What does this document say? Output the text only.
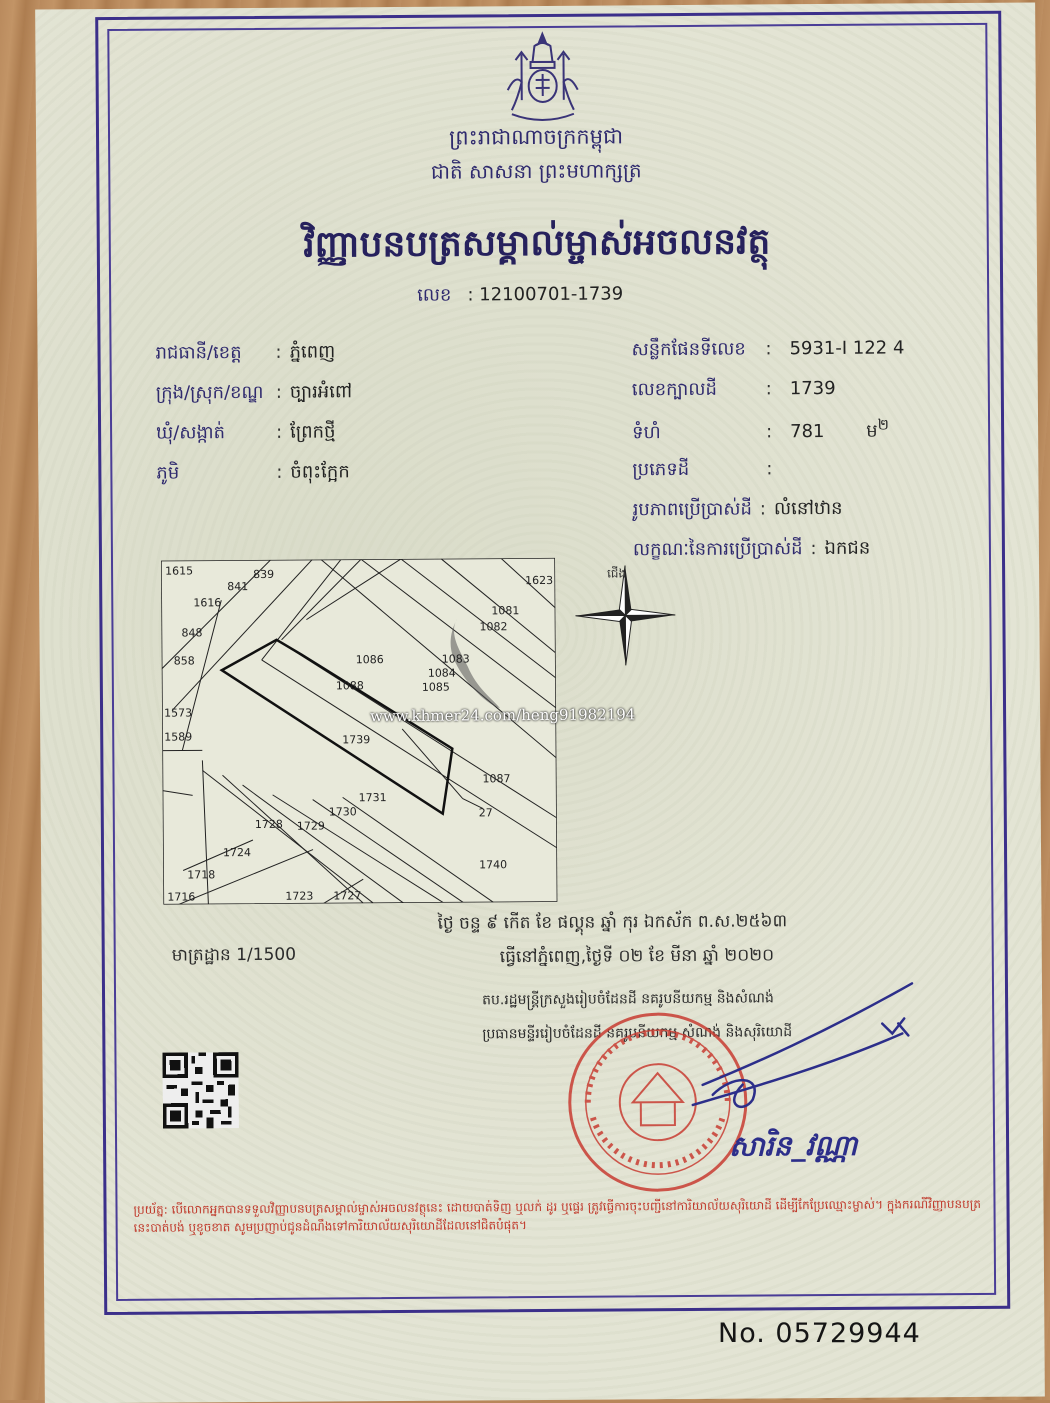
ព្រះរាជាណាចក្រកម្ពុជា
ជាតិ សាសនា ព្រះមហាក្សត្រ
វិញ្ញាបនបត្រសម្គាល់ម្ចាស់អចលនវត្ថុ
លេខ : 12100701-1739
រាជធានី/ខេត្ត : ភ្នំពេញ
ក្រុង/ស្រុក/ខណ្ឌ : ច្បារអំពៅ
ឃុំ/សង្កាត់	: ព្រែកថ្មី
ភូមិ	: ចំពុះក្អែក
សន្លឹកផែនទីលេខ : 5931-I 122 4
លេខក្បាលដី	: 1739
ទំហំ	: 781 ម$^២$
ប្រភេទដី	:
រូបភាពប្រើប្រាស់ដី : លំនៅឋាន
លក្ខណៈនៃការប្រើប្រាស់ដី : ឯកជន
1615
841
839
1616
848
858
1573
1589
1086
1088
1083
1084
1085
1739
1623
1081
1082
1087
1731
1730
1729
1728
1724
1718
1716	1723 1727
27
1740
www.khmer24.com/heng91982194
ជើង
ថ្ងៃ ចន្ទ ៩ កើត ខែ ផល្គុន ឆ្នាំ កុរ ឯកស័ក ព.ស.២៥៦៣
ធ្វើនៅភ្នំពេញ,ថ្ងៃទី ០២ ខែ មីនា ឆ្នាំ ២០២០
មាត្រដ្ឋាន 1/1500
តប.រដ្ឋមន្ត្រីក្រសួងរៀបចំដែនដី នគរូបនីយកម្ម និងសំណង់
ប្រធានមន្ទីររៀបចំដែនដី នគរូបនីយកម្ម សំណង់ និងសុរិយោដី
សារិន_វណ្ណា
ប្រយ័ត្ន: បើលោកអ្នកបានទទួលវិញ្ញាបនបត្រសម្គាល់ម្ចាស់អចលនវត្ថុនេះ ដោយបាត់ទិញ ឬលក់ ដូរ ឬផ្ទេរ ត្រូវធ្វើការចុះបញ្ជីនៅការិយាល័យសុរិយោដី ដើម្បីកែប្រែឈ្មោះម្ចាស់។ ក្នុងករណីវិញ្ញាបនបត្រនេះបាត់បង់ ឬខូចខាត សូមប្រញាប់ជូនដំណឹងទៅការិយាល័យសុរិយោដីដែលនៅជិតបំផុត។
No. 05729944
